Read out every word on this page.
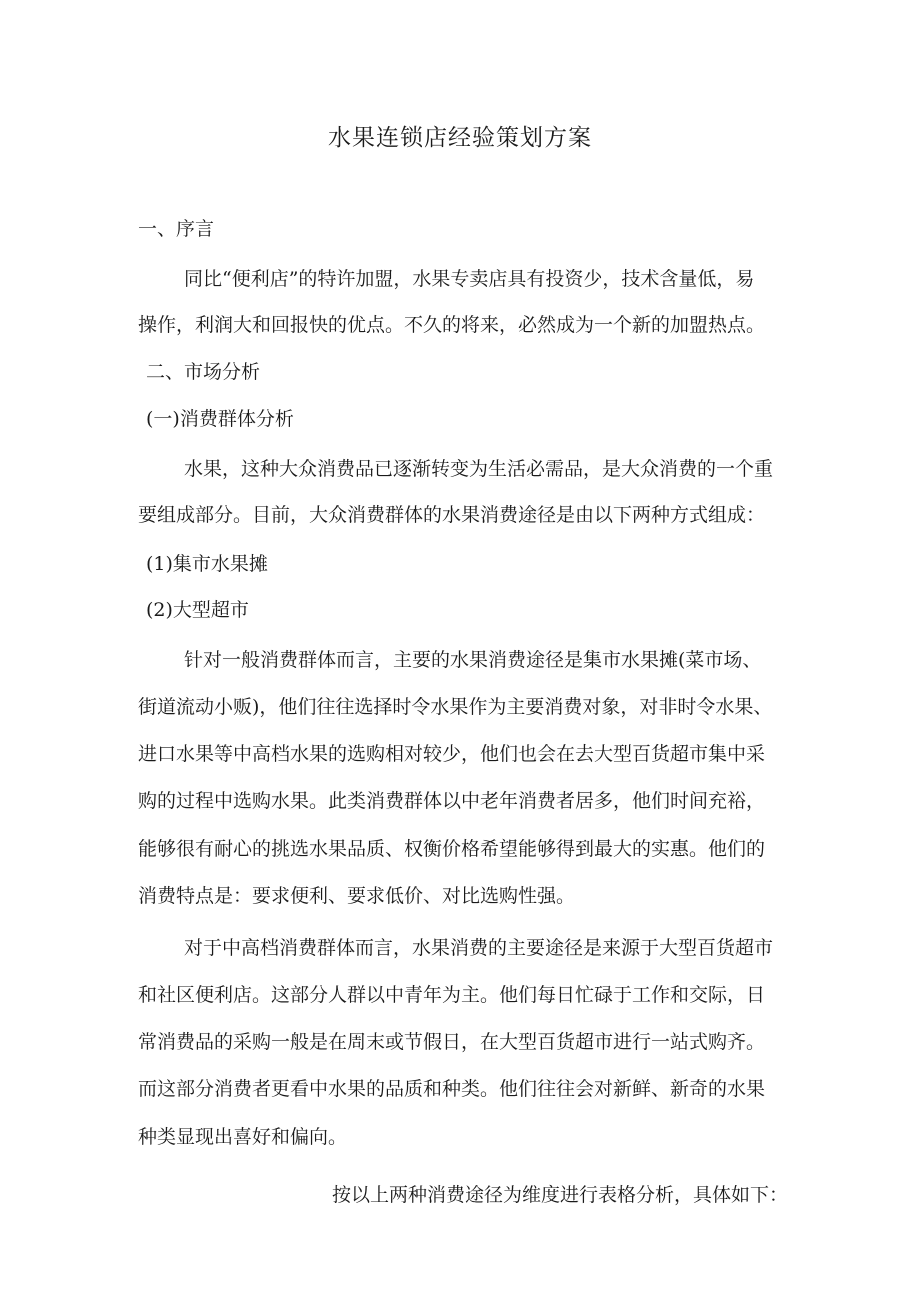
水果连锁店经验策划方案
一、序言
同比“便利店”的特许加盟，水果专卖店具有投资少，技术含量低，易
操作，利润大和回报快的优点。不久的将来，必然成为一个新的加盟热点。
二、市场分析
(一)消费群体分析
水果，这种大众消费品已逐渐转变为生活必需品，是大众消费的一个重
要组成部分。目前，大众消费群体的水果消费途径是由以下两种方式组成：
(1)集市水果摊
(2)大型超市
针对一般消费群体而言，主要的水果消费途径是集市水果摊(菜市场、
街道流动小贩)，他们往往选择时令水果作为主要消费对象，对非时令水果、
进口水果等中高档水果的选购相对较少，他们也会在去大型百货超市集中采
购的过程中选购水果。此类消费群体以中老年消费者居多，他们时间充裕，
能够很有耐心的挑选水果品质、权衡价格希望能够得到最大的实惠。他们的
消费特点是：要求便利、要求低价、对比选购性强。
对于中高档消费群体而言，水果消费的主要途径是来源于大型百货超市
和社区便利店。这部分人群以中青年为主。他们每日忙碌于工作和交际，日
常消费品的采购一般是在周末或节假日，在大型百货超市进行一站式购齐。
而这部分消费者更看中水果的品质和种类。他们往往会对新鲜、新奇的水果
种类显现出喜好和偏向。
按以上两种消费途径为维度进行表格分析，具体如下：
